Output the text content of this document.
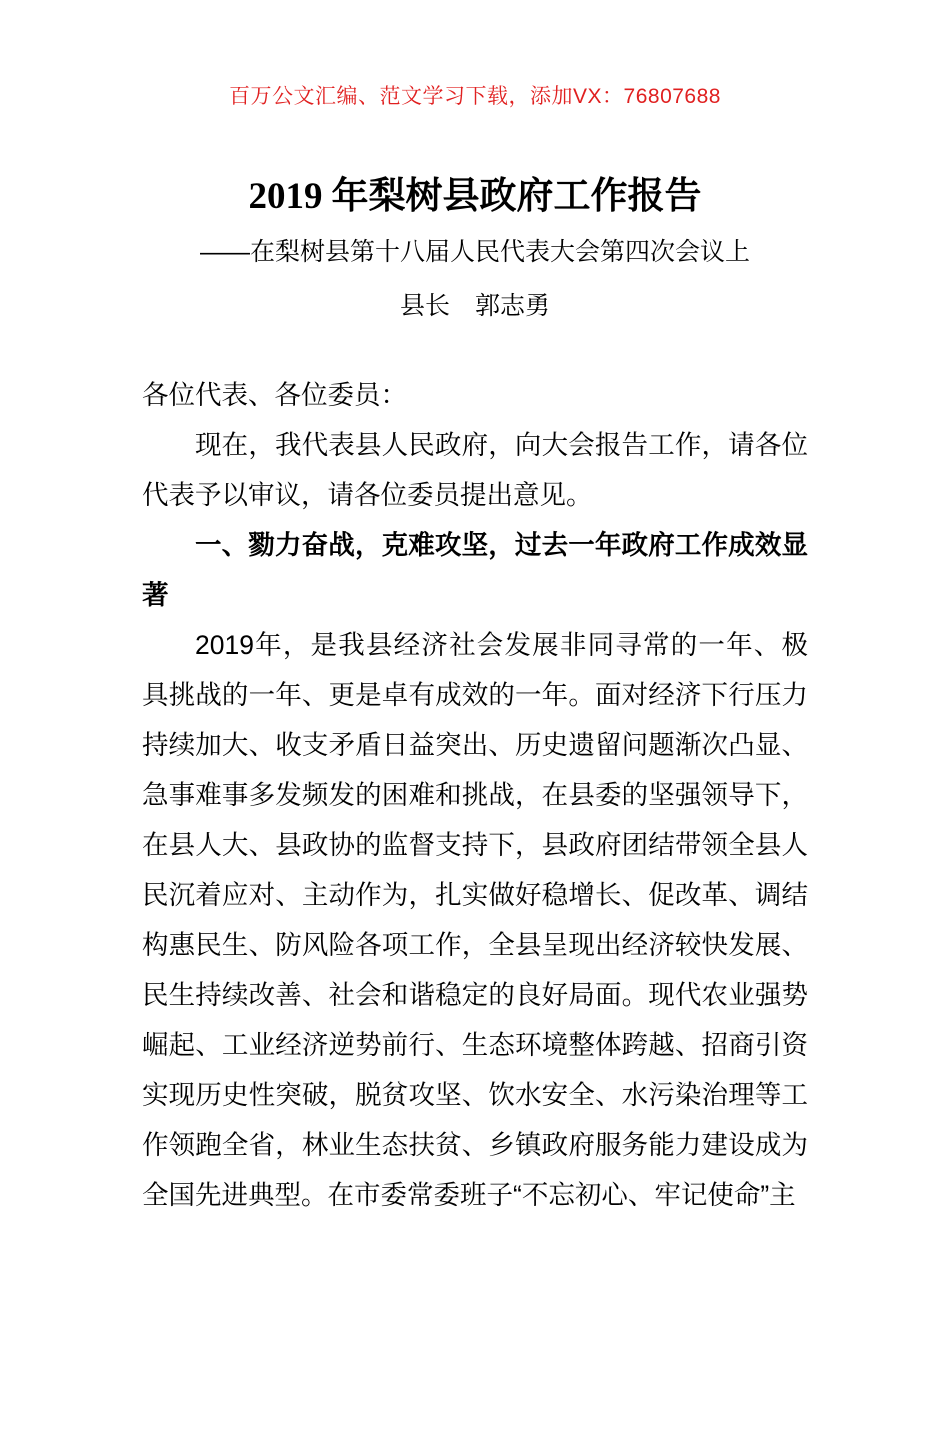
百万公文汇编、范文学习下载，添加VX：76807688
2019 年梨树县政府工作报告
——在梨树县第十八届人民代表大会第四次会议上
县长　郭志勇

各位代表、各位委员：

现在，我代表县人民政府，向大会报告工作，请各位代表予以审议，请各位委员提出意见。

一、勠力奋战，克难攻坚，过去一年政府工作成效显著

2019年，是我县经济社会发展非同寻常的一年、极具挑战的一年、更是卓有成效的一年。面对经济下行压力持续加大、收支矛盾日益突出、历史遗留问题渐次凸显、急事难事多发频发的困难和挑战，在县委的坚强领导下，在县人大、县政协的监督支持下，县政府团结带领全县人民沉着应对、主动作为，扎实做好稳增长、促改革、调结构惠民生、防风险各项工作，全县呈现出经济较快发展、民生持续改善、社会和谐稳定的良好局面。现代农业强势崛起、工业经济逆势前行、生态环境整体跨越、招商引资实现历史性突破，脱贫攻坚、饮水安全、水污染治理等工作领跑全省，林业生态扶贫、乡镇政府服务能力建设成为全国先进典型。在市委常委班子“不忘初心、牢记使命”主
